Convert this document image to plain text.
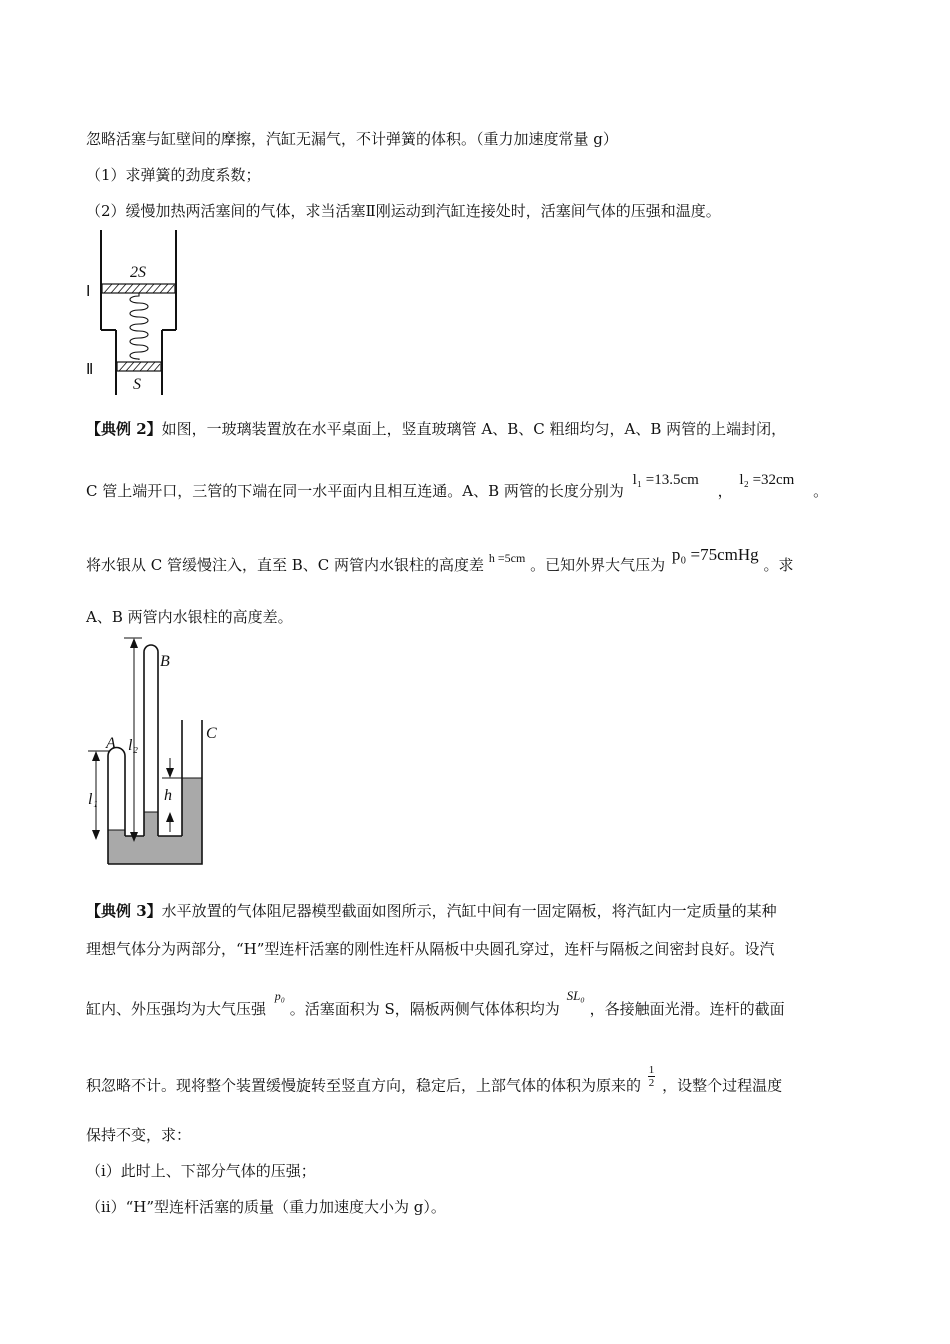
忽略活塞与缸壁间的摩擦，汽缸无漏气，不计弹簧的体积。（重力加速度常量 g）
（1）求弹簧的劲度系数；
（2）缓慢加热两活塞间的气体，求当活塞Ⅱ刚运动到汽缸连接处时，活塞间气体的压强和温度。
2S
S
Ⅰ
Ⅱ
【典例 2】如图，一玻璃装置放在水平桌面上，竖直玻璃管 A、B、C 粗细均匀，A、B 两管的上端封闭，
C 管上端开口，三管的下端在同一水平面内且相互连通。A、B 两管的长度分别为 l₁ =13.5cm ， l₂ =32cm 。
将水银从 C 管缓慢注入，直至 B、C 两管内水银柱的高度差 $^{h =5cm}$ 。已知外界大气压为 p₀ =75cmHg 。求
A、B 两管内水银柱的高度差。
A
B
C
l₁
l₂
h
【典例 3】水平放置的气体阻尼器模型截面如图所示，汽缸中间有一固定隔板，将汽缸内一定质量的某种
理想气体分为两部分，“H”型连杆活塞的刚性连杆从隔板中央圆孔穿过，连杆与隔板之间密封良好。设汽
缸内、外压强均为大气压强 $^{p_0}$ 。活塞面积为 S，隔板两侧气体体积均为 SL₀ ，各接触面光滑。连杆的截面
积忽略不计。现将整个装置缓慢旋转至竖直方向，稳定后，上部气体的体积为原来的 $\frac{1}{2}$ ，设整个过程温度
保持不变，求：
（i）此时上、下部分气体的压强；
（ii）“H”型连杆活塞的质量（重力加速度大小为 g）。
